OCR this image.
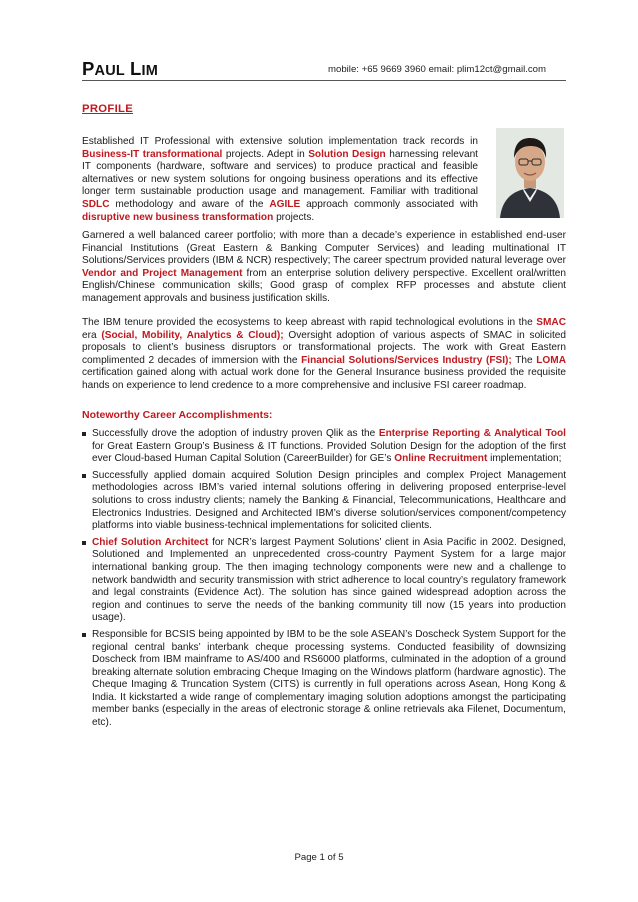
PAUL LIM	mobile: +65 9669 3960 email: plim12ct@gmail.com
PROFILE
Established IT Professional with extensive solution implementation track records in Business-IT transformational projects. Adept in Solution Design harnessing relevant IT components (hardware, software and services) to produce practical and feasible alternatives or new system solutions for ongoing business operations and its effective longer term sustainable production usage and management. Familiar with traditional SDLC methodology and aware of the AGILE approach commonly associated with disruptive new business transformation projects.
Garnered a well balanced career portfolio; with more than a decade’s experience in established end-user Financial Institutions (Great Eastern & Banking Computer Services) and leading multinational IT Solutions/Services providers (IBM & NCR) respectively; The career spectrum provided natural leverage over Vendor and Project Management from an enterprise solution delivery perspective. Excellent oral/written English/Chinese communication skills; Good grasp of complex RFP processes and abstute client management approvals and business justification skills.
The IBM tenure provided the ecosystems to keep abreast with rapid technological evolutions in the SMAC era (Social, Mobility, Analytics & Cloud); Oversight adoption of various aspects of SMAC in solicited proposals to client’s business disruptors or transformational projects. The work with Great Eastern complimented 2 decades of immersion with the Financial Solutions/Services Industry (FSI); The LOMA certification gained along with actual work done for the General Insurance business provided the requisite hands on experience to lend credence to a more comprehensive and inclusive FSI career roadmap.
Noteworthy Career Accomplishments:
Successfully drove the adoption of industry proven Qlik as the Enterprise Reporting & Analytical Tool for Great Eastern Group’s Business & IT functions. Provided Solution Design for the adoption of the first ever Cloud-based Human Capital Solution (CareerBuilder) for GE’s Online Recruitment implementation;
Successfully applied domain acquired Solution Design principles and complex Project Management methodologies across IBM’s varied internal solutions offering in delivering proposed enterprise-level solutions to cross industry clients; namely the Banking & Financial, Telecommunications, Healthcare and Electronics Industries. Designed and Architected IBM’s diverse solution/services component/competency platforms into viable business-technical implementations for solicited clients.
Chief Solution Architect for NCR’s largest Payment Solutions’ client in Asia Pacific in 2002. Designed, Solutioned and Implemented an unprecedented cross-country Payment System for a large major international banking group. The then imaging technology components were new and a challenge to network bandwidth and security transmission with strict adherence to local country’s regulatory framework and legal constraints (Evidence Act). The solution has since gained widespread adoption across the region and continues to serve the needs of the banking community till now (15 years into production usage).
Responsible for BCSIS being appointed by IBM to be the sole ASEAN’s Doscheck System Support for the regional central banks’ interbank cheque processing systems. Conducted feasibility of downsizing Doscheck from IBM mainframe to AS/400 and RS6000 platforms, culminated in the adoption of a ground breaking alternate solution embracing Cheque Imaging on the Windows platform (hardware agnostic). The Cheque Imaging & Truncation System (CITS) is currently in full operations across Asean, Hong Kong & India. It kickstarted a wide range of complementary imaging solution adoptions amongst the participating member banks (especially in the areas of electronic storage & online retrievals aka Filenet, Documentum, etc).
Page 1 of 5
